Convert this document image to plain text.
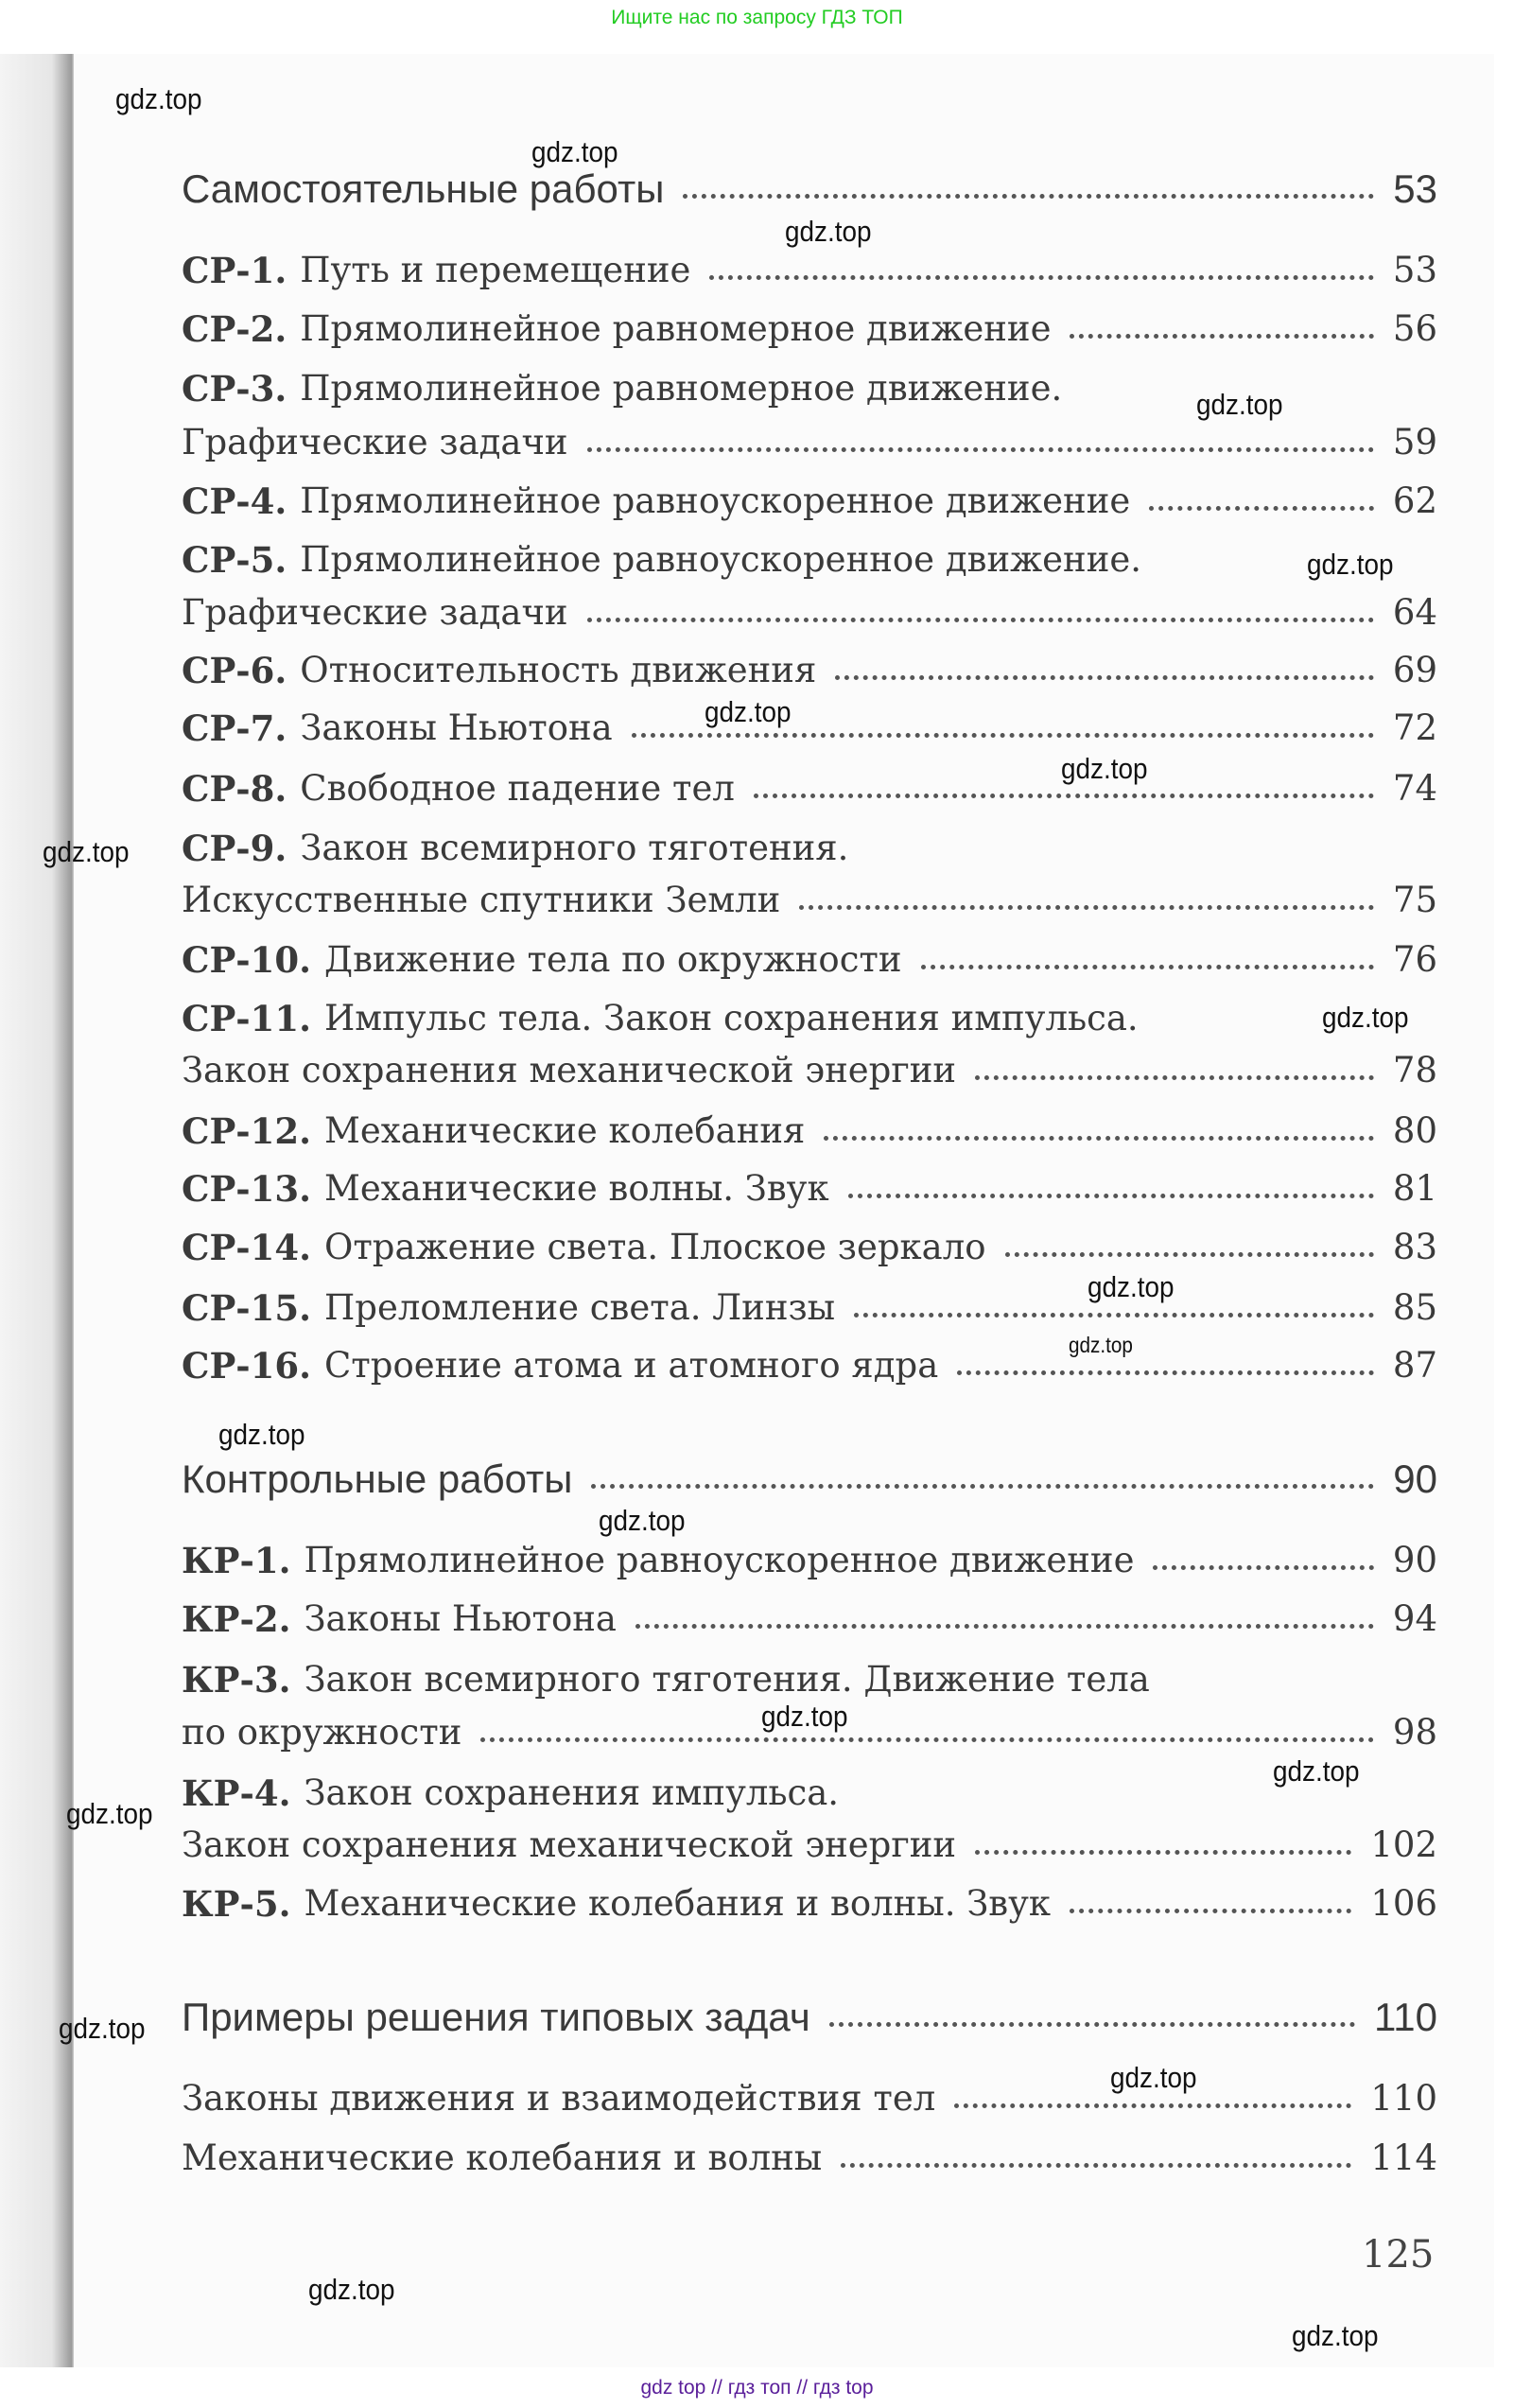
Ищите нас по запросу ГДЗ ТОП
Самостоятельные работы	53
СР-1. Путь и перемещение	53
СР-2. Прямолинейное равномерное движение	56
СР-3. Прямолинейное равномерное движение.
Графические задачи	59
СР-4. Прямолинейное равноускоренное движение	62
СР-5. Прямолинейное равноускоренное движение.
Графические задачи	64
СР-6. Относительность движения	69
СР-7. Законы Ньютона	72
СР-8. Свободное падение тел	74
СР-9. Закон всемирного тяготения.
Искусственные спутники Земли	75
СР-10. Движение тела по окружности	76
СР-11. Импульс тела. Закон сохранения импульса.
Закон сохранения механической энергии	78
СР-12. Механические колебания	80
СР-13. Механические волны. Звук	81
СР-14. Отражение света. Плоское зеркало	83
СР-15. Преломление света. Линзы	85
СР-16. Строение атома и атомного ядра	87
Контрольные работы	90
КР-1. Прямолинейное равноускоренное движение	90
КР-2. Законы Ньютона	94
КР-3. Закон всемирного тяготения. Движение тела
по окружности	98
КР-4. Закон сохранения импульса.
Закон сохранения механической энергии	102
КР-5. Механические колебания и волны. Звук	106
Примеры решения типовых задач	110
Законы движения и взаимодействия тел	110
Механические колебания и волны	114
125
gdz.top
gdz.top
gdz.top
gdz.top
gdz.top
gdz.top
gdz.top
gdz.top
gdz.top
gdz.top
gdz.top
gdz.top
gdz.top
gdz.top
gdz.top
gdz.top
gdz.top
gdz.top
gdz.top
gdz.top
gdz top // гдз топ // гдз top
